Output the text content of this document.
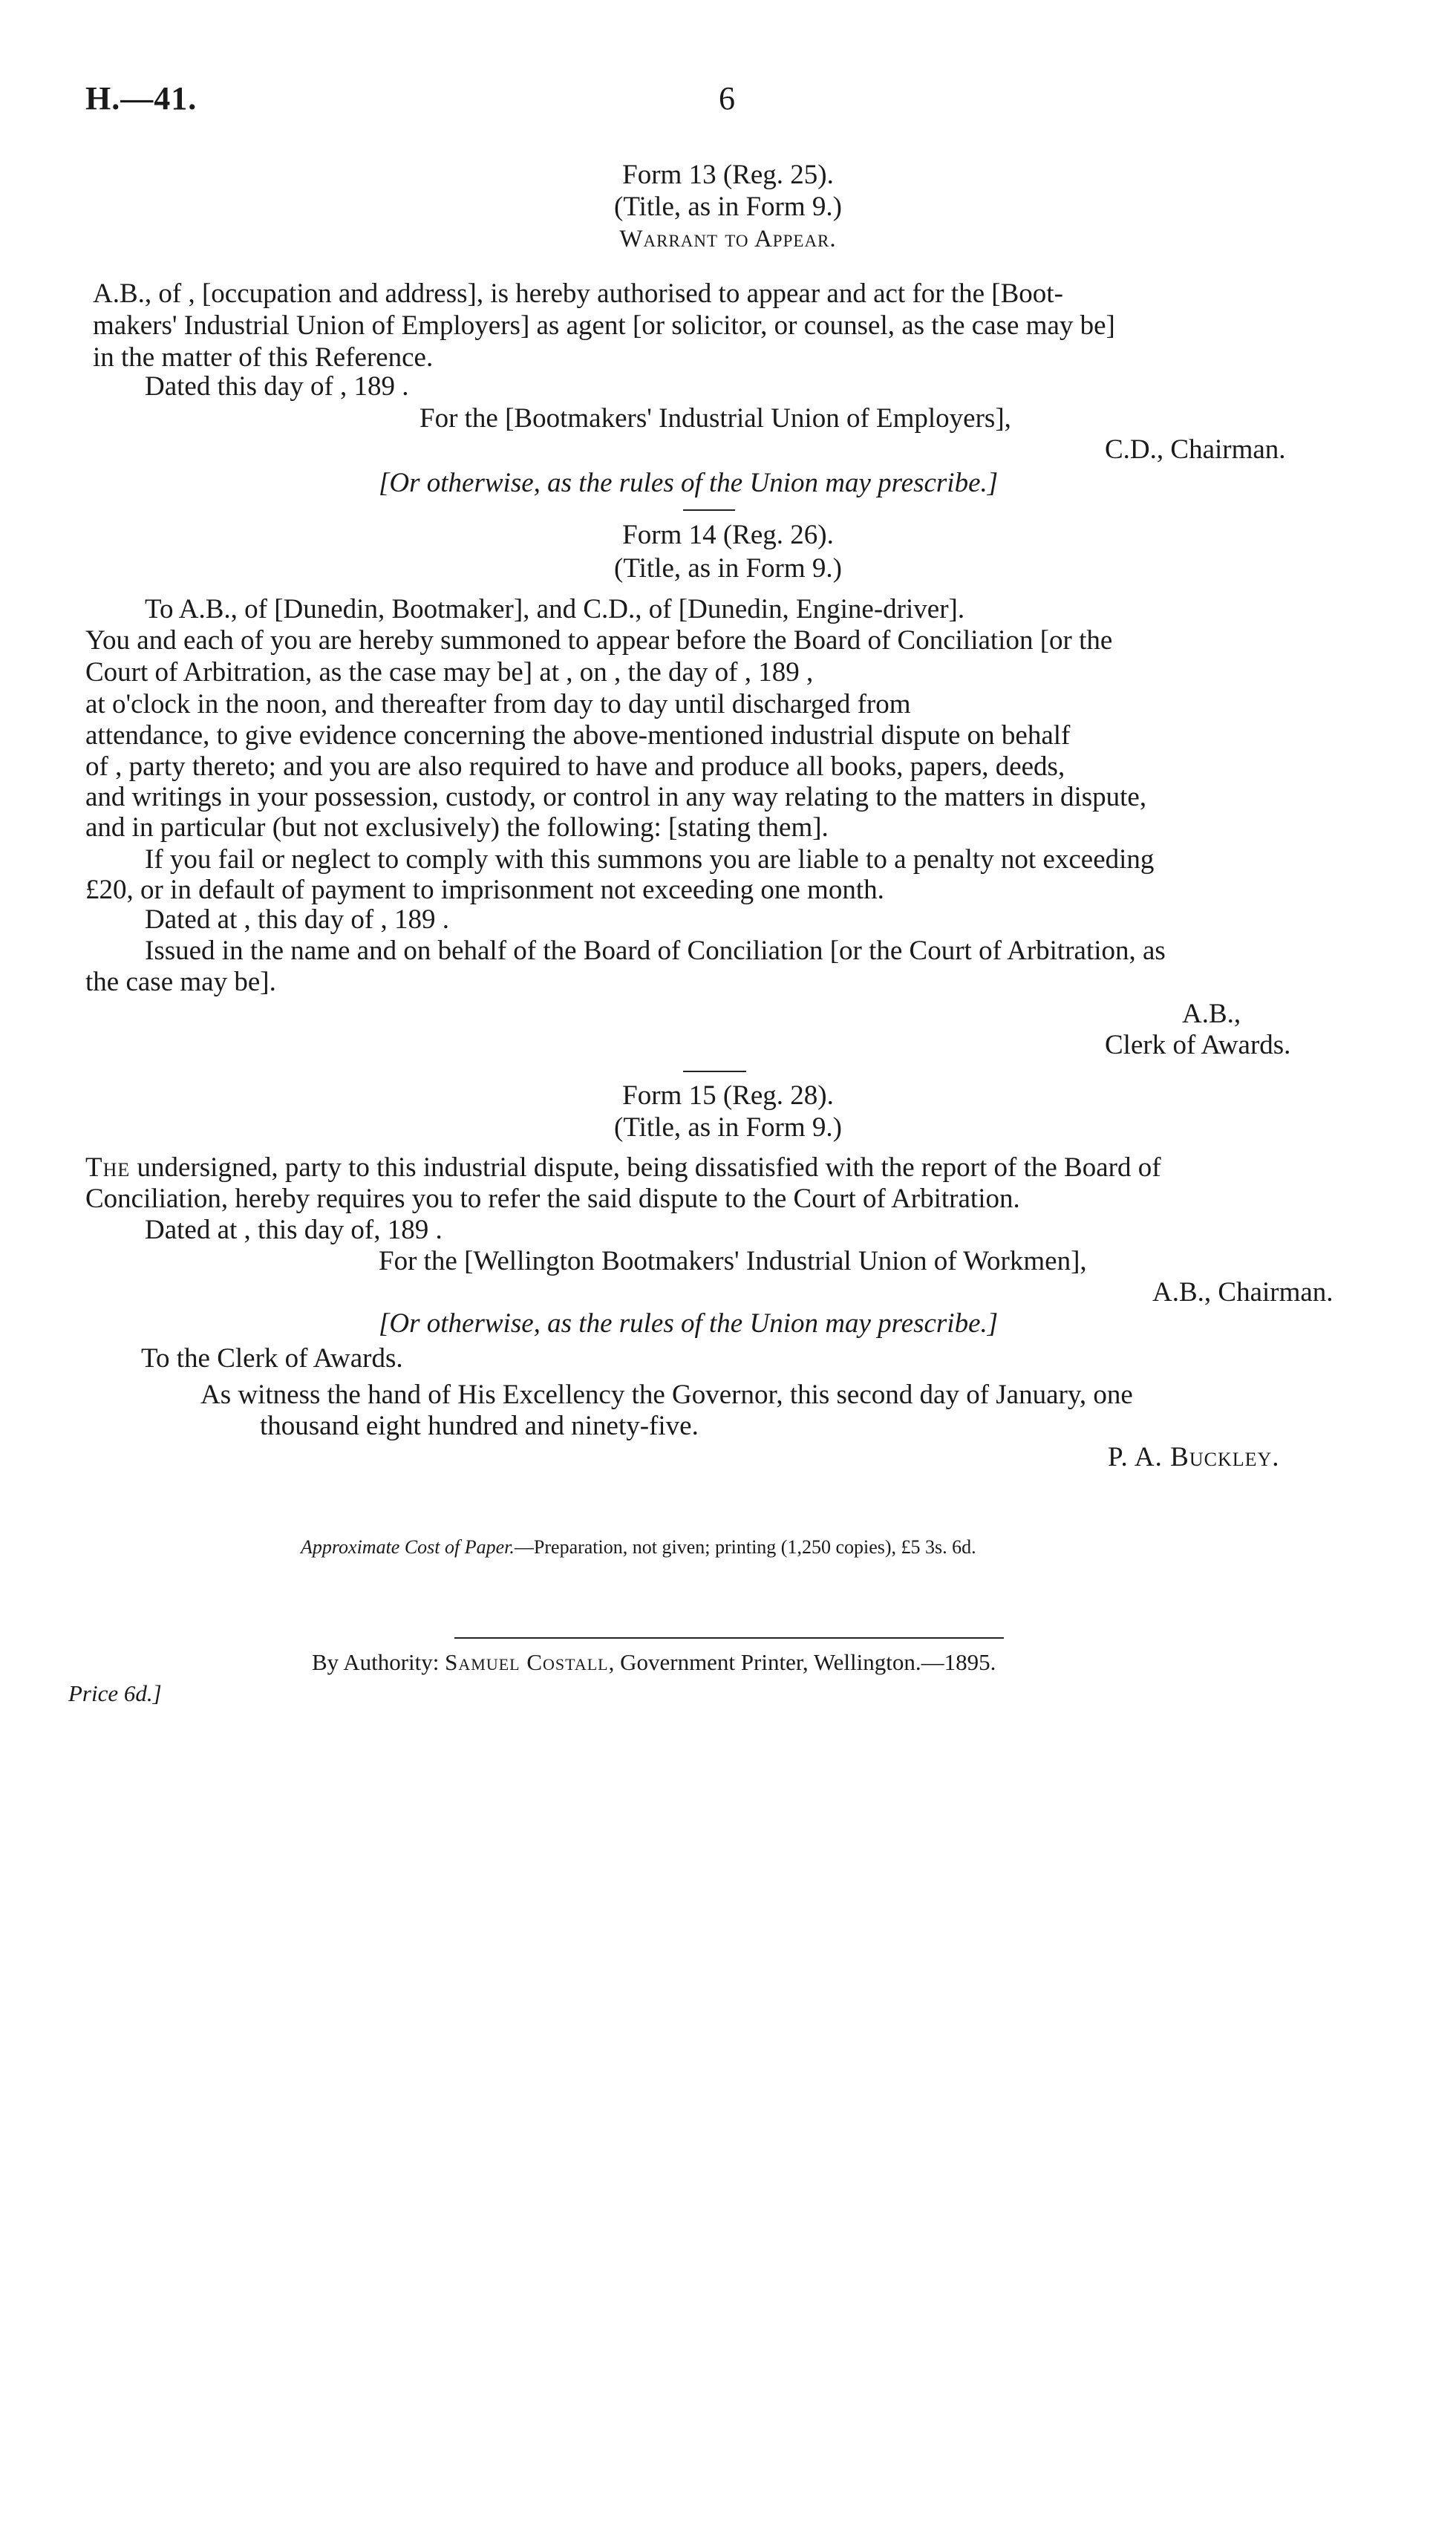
H.—41.	6
Form 13 (Reg. 25).
(Title, as in Form 9.)
Warrant to Appear.
A.B., of , [occupation and address], is hereby authorised to appear and act for the [Boot-
makers' Industrial Union of Employers] as agent [or solicitor, or counsel, as the case may be]
in the matter of this Reference.
Dated this day of , 189 .
For the [Bootmakers' Industrial Union of Employers],
C.D., Chairman.
[Or otherwise, as the rules of the Union may prescribe.]
Form 14 (Reg. 26).
(Title, as in Form 9.)
To A.B., of [Dunedin, Bootmaker], and C.D., of [Dunedin, Engine-driver].
You and each of you are hereby summoned to appear before the Board of Conciliation [or the
Court of Arbitration, as the case may be] at , on , the day of , 189 ,
at o'clock in the noon, and thereafter from day to day until discharged from
attendance, to give evidence concerning the above-mentioned industrial dispute on behalf
of , party thereto; and you are also required to have and produce all books, papers, deeds,
and writings in your possession, custody, or control in any way relating to the matters in dispute,
and in particular (but not exclusively) the following: [stating them].
If you fail or neglect to comply with this summons you are liable to a penalty not exceeding
£20, or in default of payment to imprisonment not exceeding one month.
Dated at , this day of , 189 .
Issued in the name and on behalf of the Board of Conciliation [or the Court of Arbitration, as
the case may be].
A.B.,
Clerk of Awards.
Form 15 (Reg. 28).
(Title, as in Form 9.)
The undersigned, party to this industrial dispute, being dissatisfied with the report of the Board of
Conciliation, hereby requires you to refer the said dispute to the Court of Arbitration.
Dated at , this day of, 189 .
For the [Wellington Bootmakers' Industrial Union of Workmen],
A.B., Chairman.
[Or otherwise, as the rules of the Union may prescribe.]
To the Clerk of Awards.
As witness the hand of His Excellency the Governor, this second day of January, one
thousand eight hundred and ninety-five.
P. A. Buckley.
Approximate Cost of Paper.—Preparation, not given; printing (1,250 copies), £5 3s. 6d.
By Authority: Samuel Costall, Government Printer, Wellington.—1895.
Price 6d.]
